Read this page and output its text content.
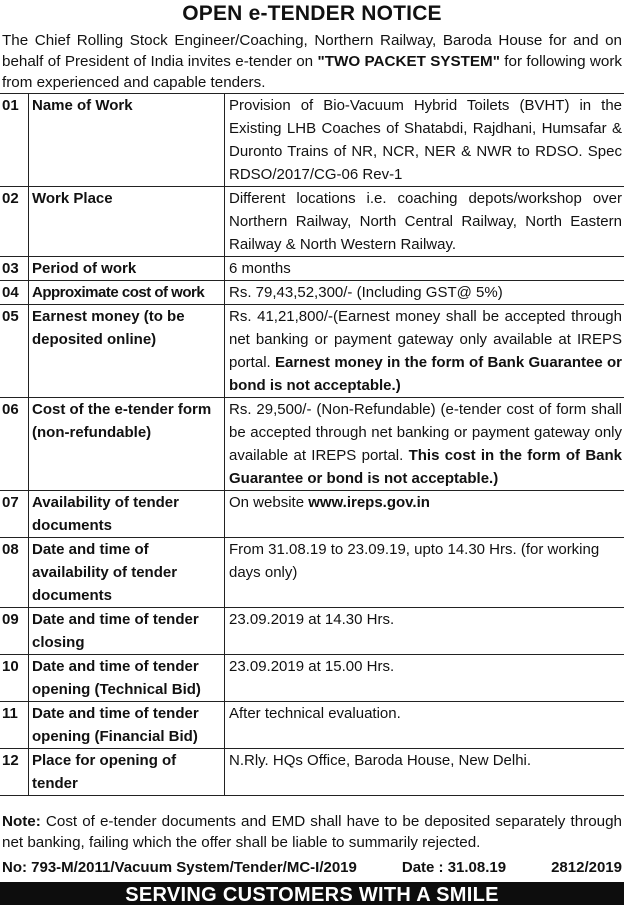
OPEN e-TENDER NOTICE
The Chief Rolling Stock Engineer/Coaching, Northern Railway, Baroda House for and on behalf of President of India invites e-tender on "TWO PACKET SYSTEM" for following work from experienced and capable tenders.
01	Name of Work	Provision of Bio-Vacuum Hybrid Toilets (BVHT) in the Existing LHB Coaches of Shatabdi, Rajdhani, Humsafar & Duronto Trains of NR, NCR, NER & NWR to RDSO. Spec RDSO/2017/CG-06 Rev-1
02	Work Place	Different locations i.e. coaching depots/workshop over Northern Railway, North Central Railway, North Eastern Railway & North Western Railway.
03	Period of work	6 months
04	Approximate cost of work	Rs. 79,43,52,300/- (Including GST@ 5%)
05	Earnest money (to be deposited online)	Rs. 41,21,800/-(Earnest money shall be accepted through net banking or payment gateway only available at IREPS portal. Earnest money in the form of Bank Guarantee or bond is not acceptable.)
06	Cost of the e-tender form (non-refundable)	Rs. 29,500/- (Non-Refundable) (e-tender cost of form shall be accepted through net banking or payment gateway only available at IREPS portal. This cost in the form of Bank Guarantee or bond is not acceptable.)
07	Availability of tender documents	On website www.ireps.gov.in
08	Date and time of availability of tender documents	From 31.08.19 to 23.09.19, upto 14.30 Hrs. (for working days only)
09	Date and time of tender closing	23.09.2019 at 14.30 Hrs.
10	Date and time of tender opening (Technical Bid)	23.09.2019 at 15.00 Hrs.
11	Date and time of tender opening (Financial Bid)	After technical evaluation.
12	Place for opening of tender	N.Rly. HQs Office, Baroda House, New Delhi.
Note: Cost of e-tender documents and EMD shall have to be deposited separately through net banking, failing which the offer shall be liable to summarily rejected.
No: 793-M/2011/Vacuum System/Tender/MC-I/2019	Date : 31.08.19	2812/2019
SERVING CUSTOMERS WITH A SMILE
